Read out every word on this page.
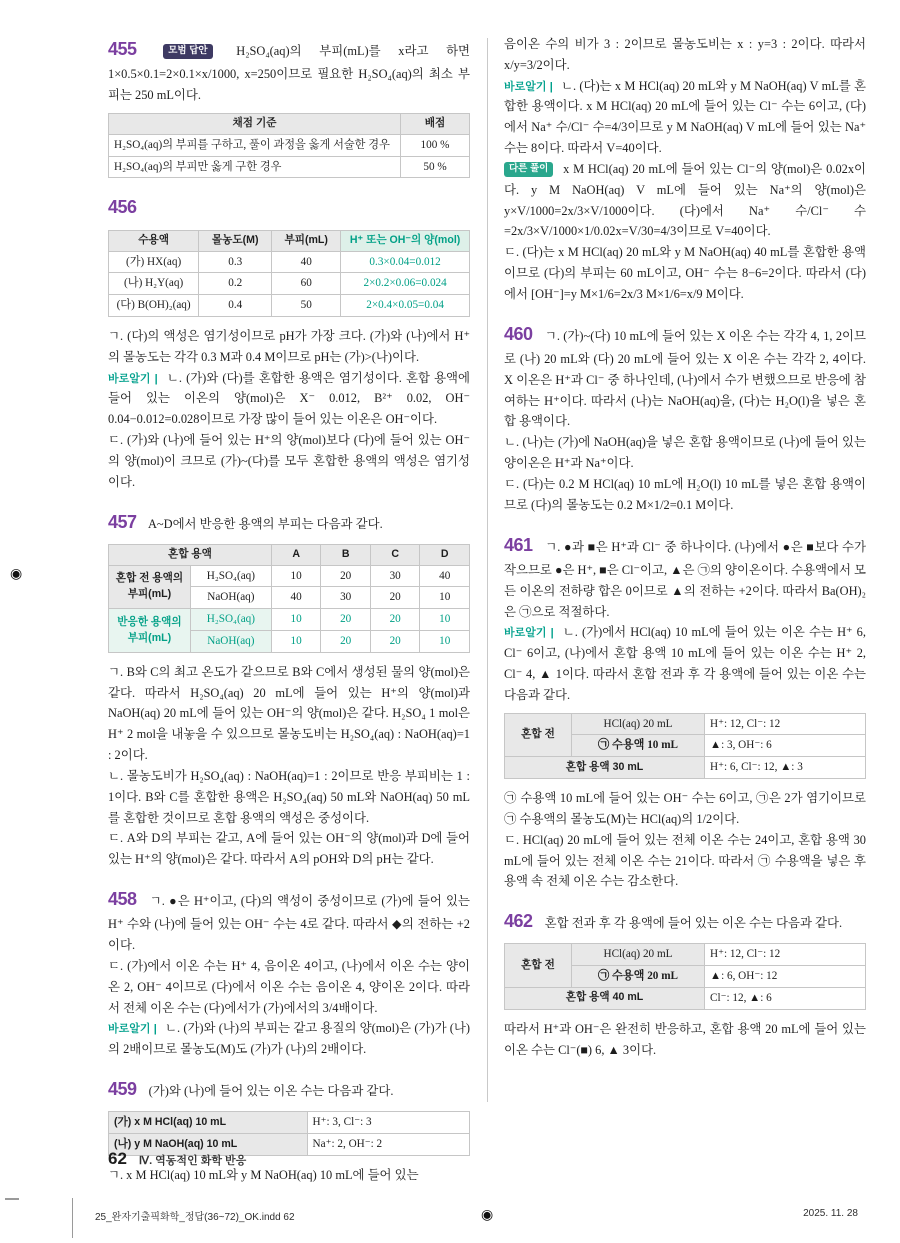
455	모범 답안 H₂SO₄(aq)의 부피(mL)를 x라고 하면 1×0.5×0.1=2×0.1×x/1000, x=250이므로 필요한 H₂SO₄(aq)의 최소 부피는 250 mL이다.

채점 기준	배점
H₂SO₄(aq)의 부피를 구하고, 풀이 과정을 옳게 서술한 경우	100 %
H₂SO₄(aq)의 부피만 옳게 구한 경우	50 %

456

수용액	몰농도(M)	부피(mL)	H⁺ 또는 OH⁻의 양(mol)
(가) HX(aq)	0.3	40	0.3×0.04=0.012
(나) H₂Y(aq)	0.2	60	2×0.2×0.06=0.024
(다) B(OH)₂(aq)	0.4	50	2×0.4×0.05=0.04

ㄱ. (다)의 액성은 염기성이므로 pH가 가장 크다. (가)와 (나)에서 H⁺의 몰농도는 각각 0.3 M과 0.4 M이므로 pH는 (가)>(나)이다.

바로알기 | ㄴ. (가)와 (다)를 혼합한 용액은 염기성이다. 혼합 용액에 들어 있는 이온의 양(mol)은 X⁻ 0.012, B²⁺ 0.02, OH⁻ 0.04−0.012=0.028이므로 가장 많이 들어 있는 이온은 OH⁻이다.

ㄷ. (가)와 (나)에 들어 있는 H⁺의 양(mol)보다 (다)에 들어 있는 OH⁻의 양(mol)이 크므로 (가)~(다)를 모두 혼합한 용액의 액성은 염기성이다.

457 A~D에서 반응한 용액의 부피는 다음과 같다.

혼합 용액		A	B	C	D
혼합 전 용액의 부피(mL)	H₂SO₄(aq)	10	20	30	40
	NaOH(aq)	40	30	20	10
반응한 용액의 부피(mL)	H₂SO₄(aq)	10	20	20	10
	NaOH(aq)	10	20	20	10

ㄱ. B와 C의 최고 온도가 같으므로 B와 C에서 생성된 물의 양(mol)은 같다. 따라서 H₂SO₄(aq) 20 mL에 들어 있는 H⁺의 양(mol)과 NaOH(aq) 20 mL에 들어 있는 OH⁻의 양(mol)은 같다. H₂SO₄ 1 mol은 H⁺ 2 mol을 내놓을 수 있으므로 몰농도비는 H₂SO₄(aq) : NaOH(aq)=1 : 2이다.

ㄴ. 몰농도비가 H₂SO₄(aq) : NaOH(aq)=1 : 2이므로 반응 부피비는 1 : 1이다. B와 C를 혼합한 용액은 H₂SO₄(aq) 50 mL와 NaOH(aq) 50 mL를 혼합한 것이므로 혼합 용액의 액성은 중성이다.

ㄷ. A와 D의 부피는 같고, A에 들어 있는 OH⁻의 양(mol)과 D에 들어 있는 H⁺의 양(mol)은 같다. 따라서 A의 pOH와 D의 pH는 같다.

458 ㄱ. ●은 H⁺이고, (다)의 액성이 중성이므로 (가)에 들어 있는 H⁺ 수와 (나)에 들어 있는 OH⁻ 수는 4로 같다. 따라서 ◆의 전하는 +2이다.

ㄷ. (가)에서 이온 수는 H⁺ 4, 음이온 4이고, (나)에서 이온 수는 양이온 2, OH⁻ 4이므로 (다)에서 이온 수는 음이온 4, 양이온 2이다. 따라서 전체 이온 수는 (다)에서가 (가)에서의 3/4배이다.

바로알기 | ㄴ. (가)와 (나)의 부피는 같고 용질의 양(mol)은 (가)가 (나)의 2배이므로 몰농도(M)도 (가)가 (나)의 2배이다.

459 (가)와 (나)에 들어 있는 이온 수는 다음과 같다.

(가) x M HCl(aq) 10 mL	H⁺: 3, Cl⁻: 3
(나) y M NaOH(aq) 10 mL	Na⁺: 2, OH⁻: 2

ㄱ. x M HCl(aq) 10 mL와 y M NaOH(aq) 10 mL에 들어 있는

음이온 수의 비가 3 : 2이므로 몰농도비는 x : y=3 : 2이다. 따라서 x/y=3/2이다.

바로알기 | ㄴ. (다)는 x M HCl(aq) 20 mL와 y M NaOH(aq) V mL를 혼합한 용액이다. x M HCl(aq) 20 mL에 들어 있는 Cl⁻ 수는 6이고, (다)에서 Na⁺ 수/Cl⁻ 수=4/3이므로 y M NaOH(aq) V mL에 들어 있는 Na⁺ 수는 8이다. 따라서 V=40이다.

다른 풀이 x M HCl(aq) 20 mL에 들어 있는 Cl⁻의 양(mol)은 0.02x이다. y M NaOH(aq) V mL에 들어 있는 Na⁺의 양(mol)은 y×V/1000=2x/3×V/1000이다. (다)에서 Na⁺ 수/Cl⁻ 수=2x/3×V/1000×1/0.02x=V/30=4/3이므로 V=40이다.

ㄷ. (다)는 x M HCl(aq) 20 mL와 y M NaOH(aq) 40 mL를 혼합한 용액이므로 (다)의 부피는 60 mL이고, OH⁻ 수는 8−6=2이다. 따라서 (다)에서 [OH⁻]=y M×1/6=2x/3 M×1/6=x/9 M이다.

460 ㄱ. (가)~(다) 10 mL에 들어 있는 X 이온 수는 각각 4, 1, 2이므로 (나) 20 mL와 (다) 20 mL에 들어 있는 X 이온 수는 각각 2, 4이다. X 이온은 H⁺과 Cl⁻ 중 하나인데, (나)에서 수가 변했으므로 반응에 참여하는 H⁺이다. 따라서 (나)는 NaOH(aq)을, (다)는 H₂O(l)을 넣은 혼합 용액이다.

ㄴ. (나)는 (가)에 NaOH(aq)을 넣은 혼합 용액이므로 (나)에 들어 있는 양이온은 H⁺과 Na⁺이다.

ㄷ. (다)는 0.2 M HCl(aq) 10 mL에 H₂O(l) 10 mL를 넣은 혼합 용액이므로 (다)의 몰농도는 0.2 M×1/2=0.1 M이다.

461 ㄱ. ●과 ■은 H⁺과 Cl⁻ 중 하나이다. (나)에서 ●은 ■보다 수가 작으므로 ●은 H⁺, ■은 Cl⁻이고, ▲은 ㉠의 양이온이다. 수용액에서 모든 이온의 전하량 합은 0이므로 ▲의 전하는 +2이다. 따라서 Ba(OH)₂은 ㉠으로 적절하다.

바로알기 | ㄴ. (가)에서 HCl(aq) 10 mL에 들어 있는 이온 수는 H⁺ 6, Cl⁻ 6이고, (나)에서 혼합 용액 10 mL에 들어 있는 이온 수는 H⁺ 2, Cl⁻ 4, ▲ 1이다. 따라서 혼합 전과 후 각 용액에 들어 있는 이온 수는 다음과 같다.

혼합 전	HCl(aq) 20 mL	H⁺: 12, Cl⁻: 12
	㉠ 수용액 10 mL	▲: 3, OH⁻: 6
혼합 용액 30 mL		H⁺: 6, Cl⁻: 12, ▲: 3

㉠ 수용액 10 mL에 들어 있는 OH⁻ 수는 6이고, ㉠은 2가 염기이므로 ㉠ 수용액의 몰농도(M)는 HCl(aq)의 1/2이다.

ㄷ. HCl(aq) 20 mL에 들어 있는 전체 이온 수는 24이고, 혼합 용액 30 mL에 들어 있는 전체 이온 수는 21이다. 따라서 ㉠ 수용액을 넣은 후 용액 속 전체 이온 수는 감소한다.

462 혼합 전과 후 각 용액에 들어 있는 이온 수는 다음과 같다.

혼합 전	HCl(aq) 20 mL	H⁺: 12, Cl⁻: 12
	㉠ 수용액 20 mL	▲: 6, OH⁻: 12
혼합 용액 40 mL		Cl⁻: 12, ▲: 6

따라서 H⁺과 OH⁻은 완전히 반응하고, 혼합 용액 20 mL에 들어 있는 이온 수는 Cl⁻(■) 6, ▲ 3이다.

62 Ⅳ. 역동적인 화학 반응
25_완자기출픽화학_정답(36~72)_OK.indd 62	2025. 11. 28
◉
◉
